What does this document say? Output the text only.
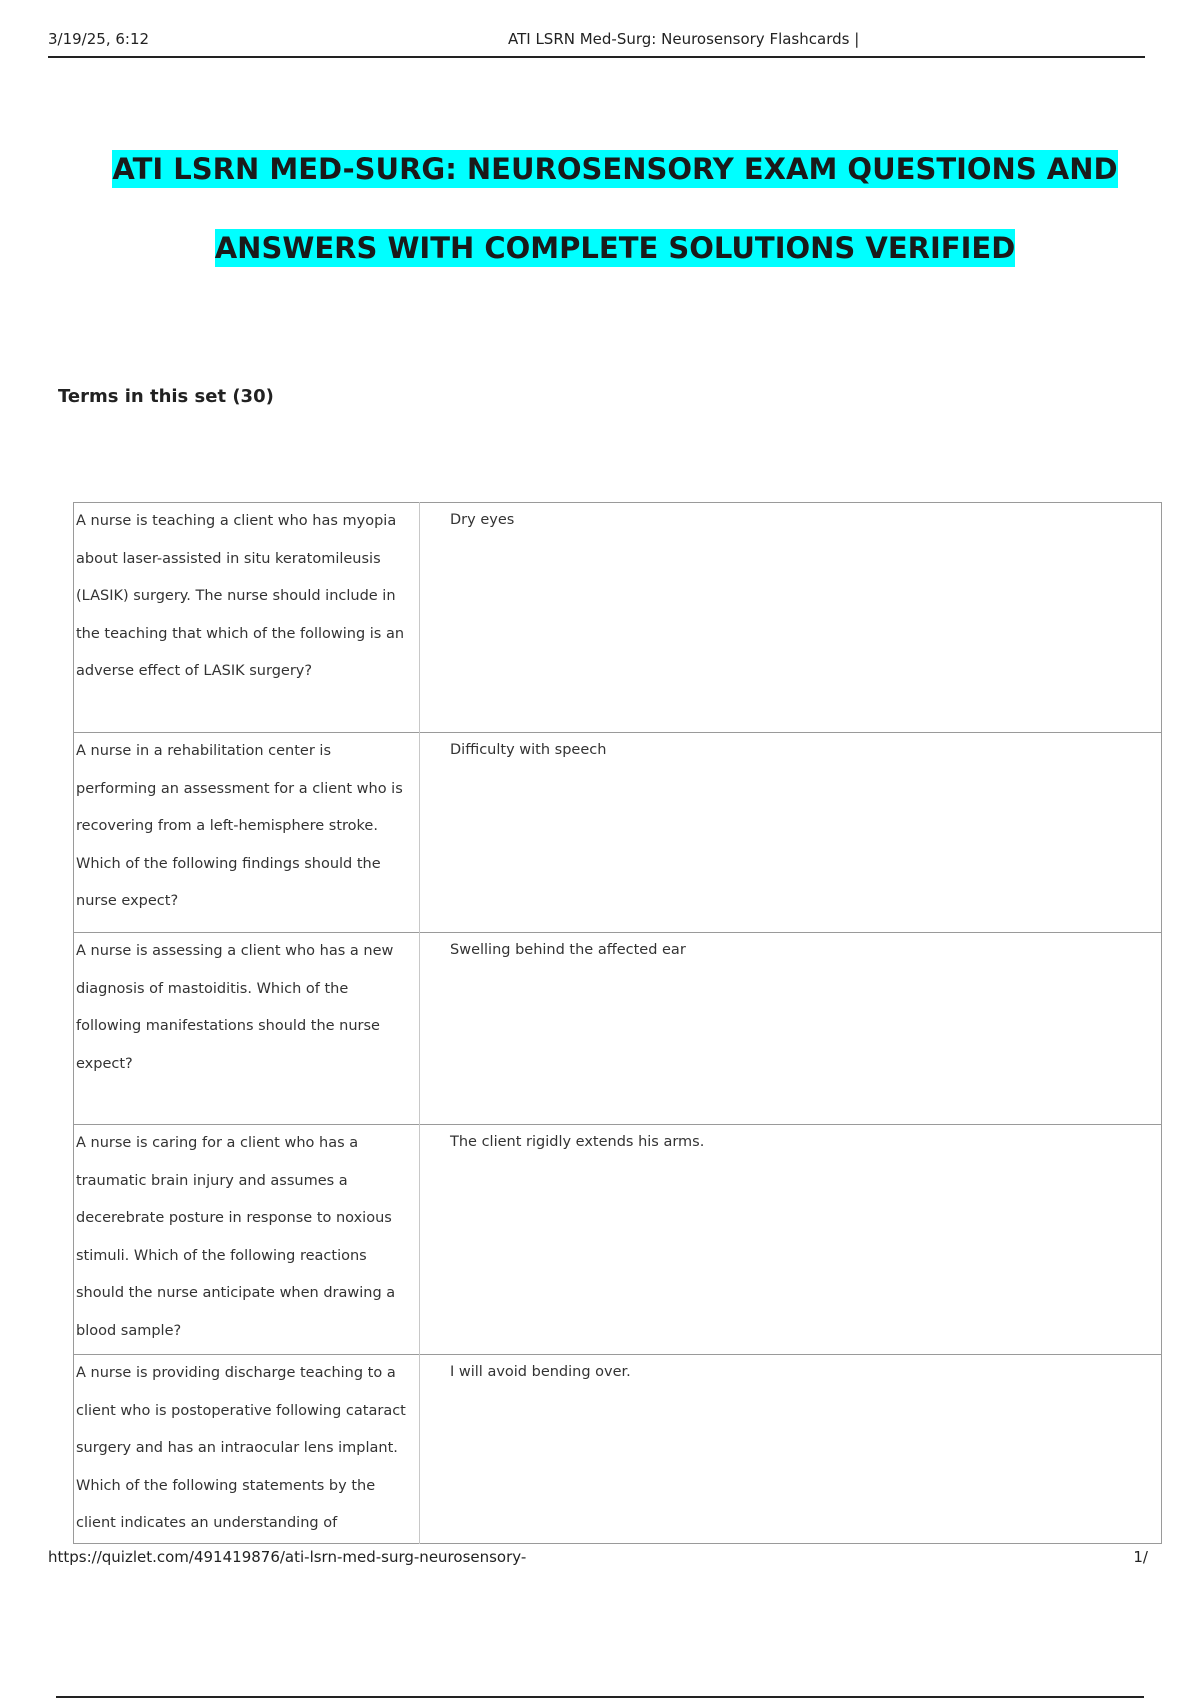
3/19/25, 6:12	ATI LSRN Med-Surg: Neurosensory Flashcards |
ATI LSRN MED-SURG: NEUROSENSORY EXAM QUESTIONS AND ANSWERS WITH COMPLETE SOLUTIONS VERIFIED
Terms in this set (30)
A nurse is teaching a client who has myopia about laser-assisted in situ keratomileusis (LASIK) surgery. The nurse should include in the teaching that which of the following is an adverse effect of LASIK surgery?	Dry eyes
A nurse in a rehabilitation center is performing an assessment for a client who is recovering from a left-hemisphere stroke. Which of the following findings should the nurse expect?	Difficulty with speech
A nurse is assessing a client who has a new diagnosis of mastoiditis. Which of the following manifestations should the nurse expect?	Swelling behind the affected ear
A nurse is caring for a client who has a traumatic brain injury and assumes a decerebrate posture in response to noxious stimuli. Which of the following reactions should the nurse anticipate when drawing a blood sample?	The client rigidly extends his arms.
A nurse is providing discharge teaching to a client who is postoperative following cataract surgery and has an intraocular lens implant. Which of the following statements by the client indicates an understanding of	I will avoid bending over.
https://quizlet.com/491419876/ati-lsrn-med-surg-neurosensory-	1/
